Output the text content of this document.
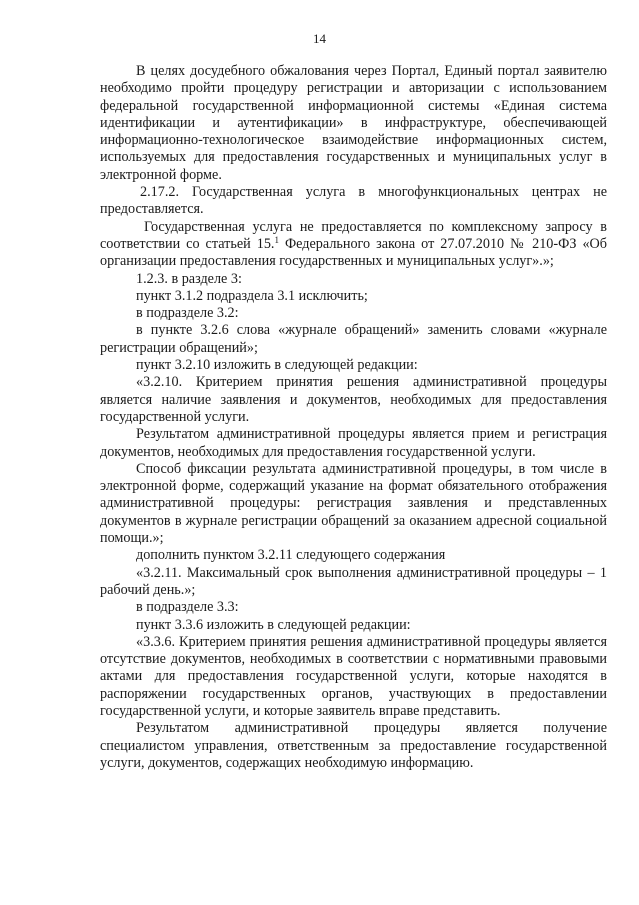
14

В целях досудебного обжалования через Портал, Единый портал заявителю необходимо пройти процедуру регистрации и авторизации с использованием федеральной государственной информационной системы «Единая система идентификации и аутентификации» в инфраструктуре, обеспечивающей информационно-технологическое взаимодействие информационных систем, используемых для предоставления государственных и муниципальных услуг в электронной форме.

2.17.2. Государственная услуга в многофункциональных центрах не предоставляется.

Государственная услуга не предоставляется по комплексному запросу в соответствии со статьей 15.$^1$ Федерального закона от 27.07.2010 № 210-ФЗ «Об организации предоставления государственных и муниципальных услуг».»;

1.2.3. в разделе 3:

пункт 3.1.2 подраздела 3.1 исключить;

в подразделе 3.2:

в пункте 3.2.6 слова «журнале обращений» заменить словами «журнале регистрации обращений»;

пункт 3.2.10 изложить в следующей редакции:

«3.2.10. Критерием принятия решения административной процедуры является наличие заявления и документов, необходимых для предоставления государственной услуги.

Результатом административной процедуры является прием и регистрация документов, необходимых для предоставления государственной услуги.

Способ фиксации результата административной процедуры, в том числе в электронной форме, содержащий указание на формат обязательного отображения административной процедуры: регистрация заявления и представленных документов в журнале регистрации обращений за оказанием адресной социальной помощи.»;

дополнить пунктом 3.2.11 следующего содержания

«3.2.11. Максимальный срок выполнения административной процедуры – 1 рабочий день.»;

в подразделе 3.3:

пункт 3.3.6 изложить в следующей редакции:

«3.3.6. Критерием принятия решения административной процедуры является отсутствие документов, необходимых в соответствии с нормативными правовыми актами для предоставления государственной услуги, которые находятся в распоряжении государственных органов, участвующих в предоставлении государственной услуги, и которые заявитель вправе представить.

Результатом административной процедуры является получение специалистом управления, ответственным за предоставление государственной услуги, документов, содержащих необходимую информацию.
